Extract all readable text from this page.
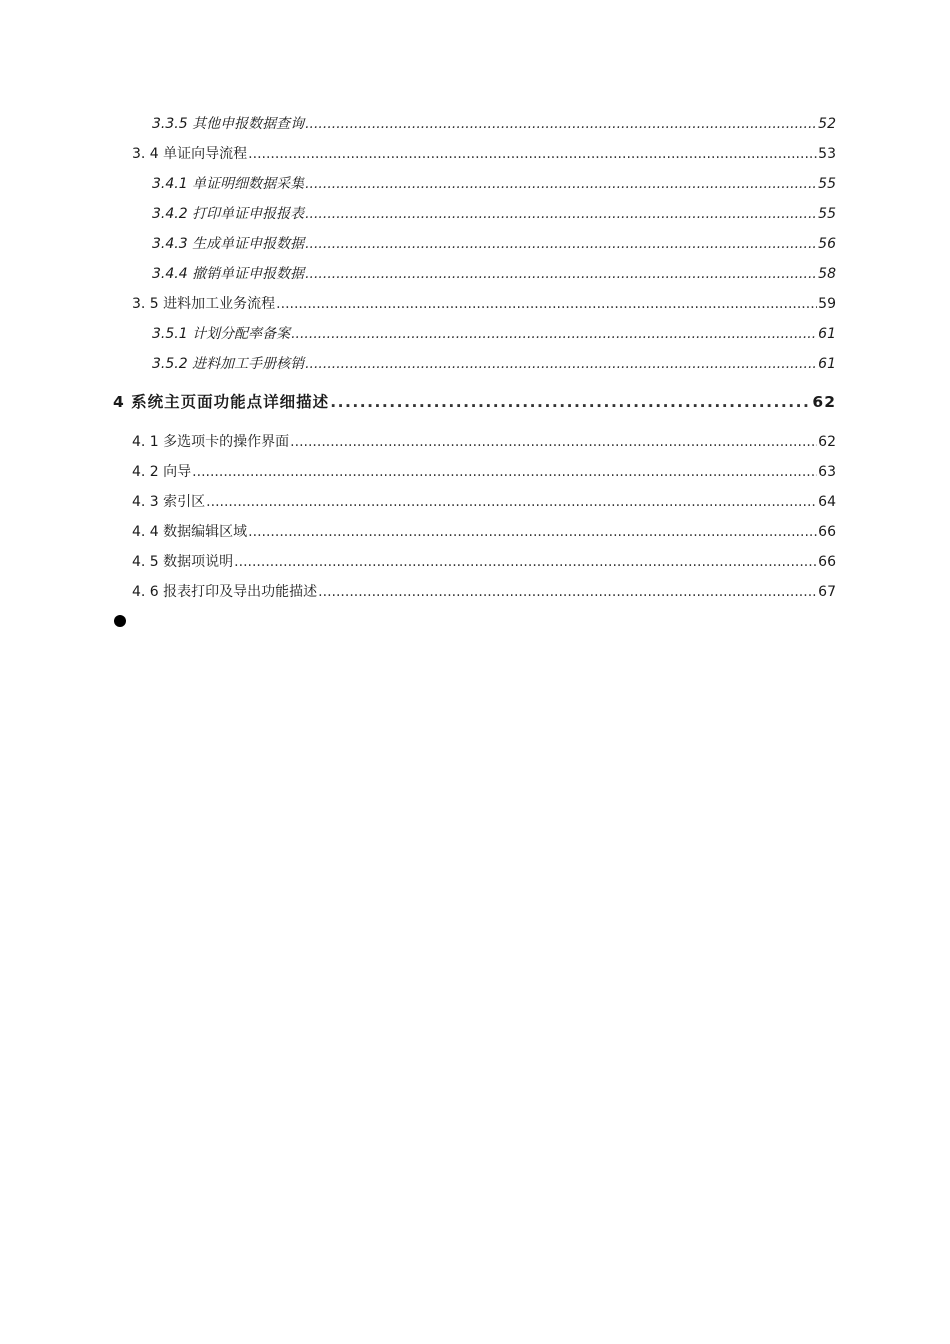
3.3.5 其他申报数据查询 .....	52
3. 4 单证向导流程 .....	53
3.4.1 单证明细数据采集 .....	55
3.4.2 打印单证申报报表 .....	55
3.4.3 生成单证申报数据 .....	56
3.4.4 撤销单证申报数据 .....	58
3. 5 进料加工业务流程 .....	59
3.5.1 计划分配率备案 .....	61
3.5.2 进料加工手册核销 .....	61
4 系统主页面功能点详细描述 .....	62
4. 1 多选项卡的操作界面 .....	62
4. 2 向导 .....	63
4. 3 索引区 .....	64
4. 4 数据编辑区域 .....	66
4. 5 数据项说明 .....	66
4. 6 报表打印及导出功能描述 .....	67
